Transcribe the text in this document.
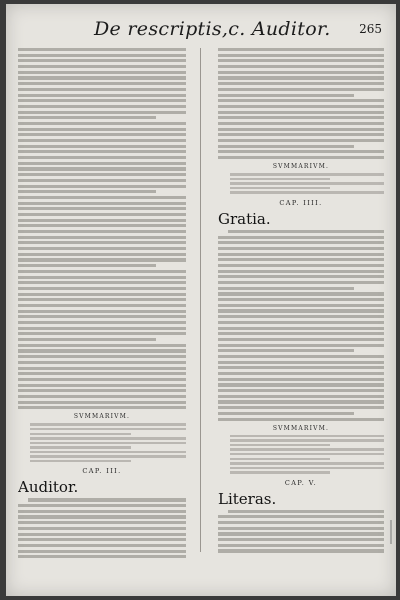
De rescriptis,c. Auditor. 265
SVMMARIVM.
CAP. III.
Auditor.
SVMMARIVM.
CAP. IIII.
Gratia.
SVMMARIVM.
CAP. V.
Literas.
